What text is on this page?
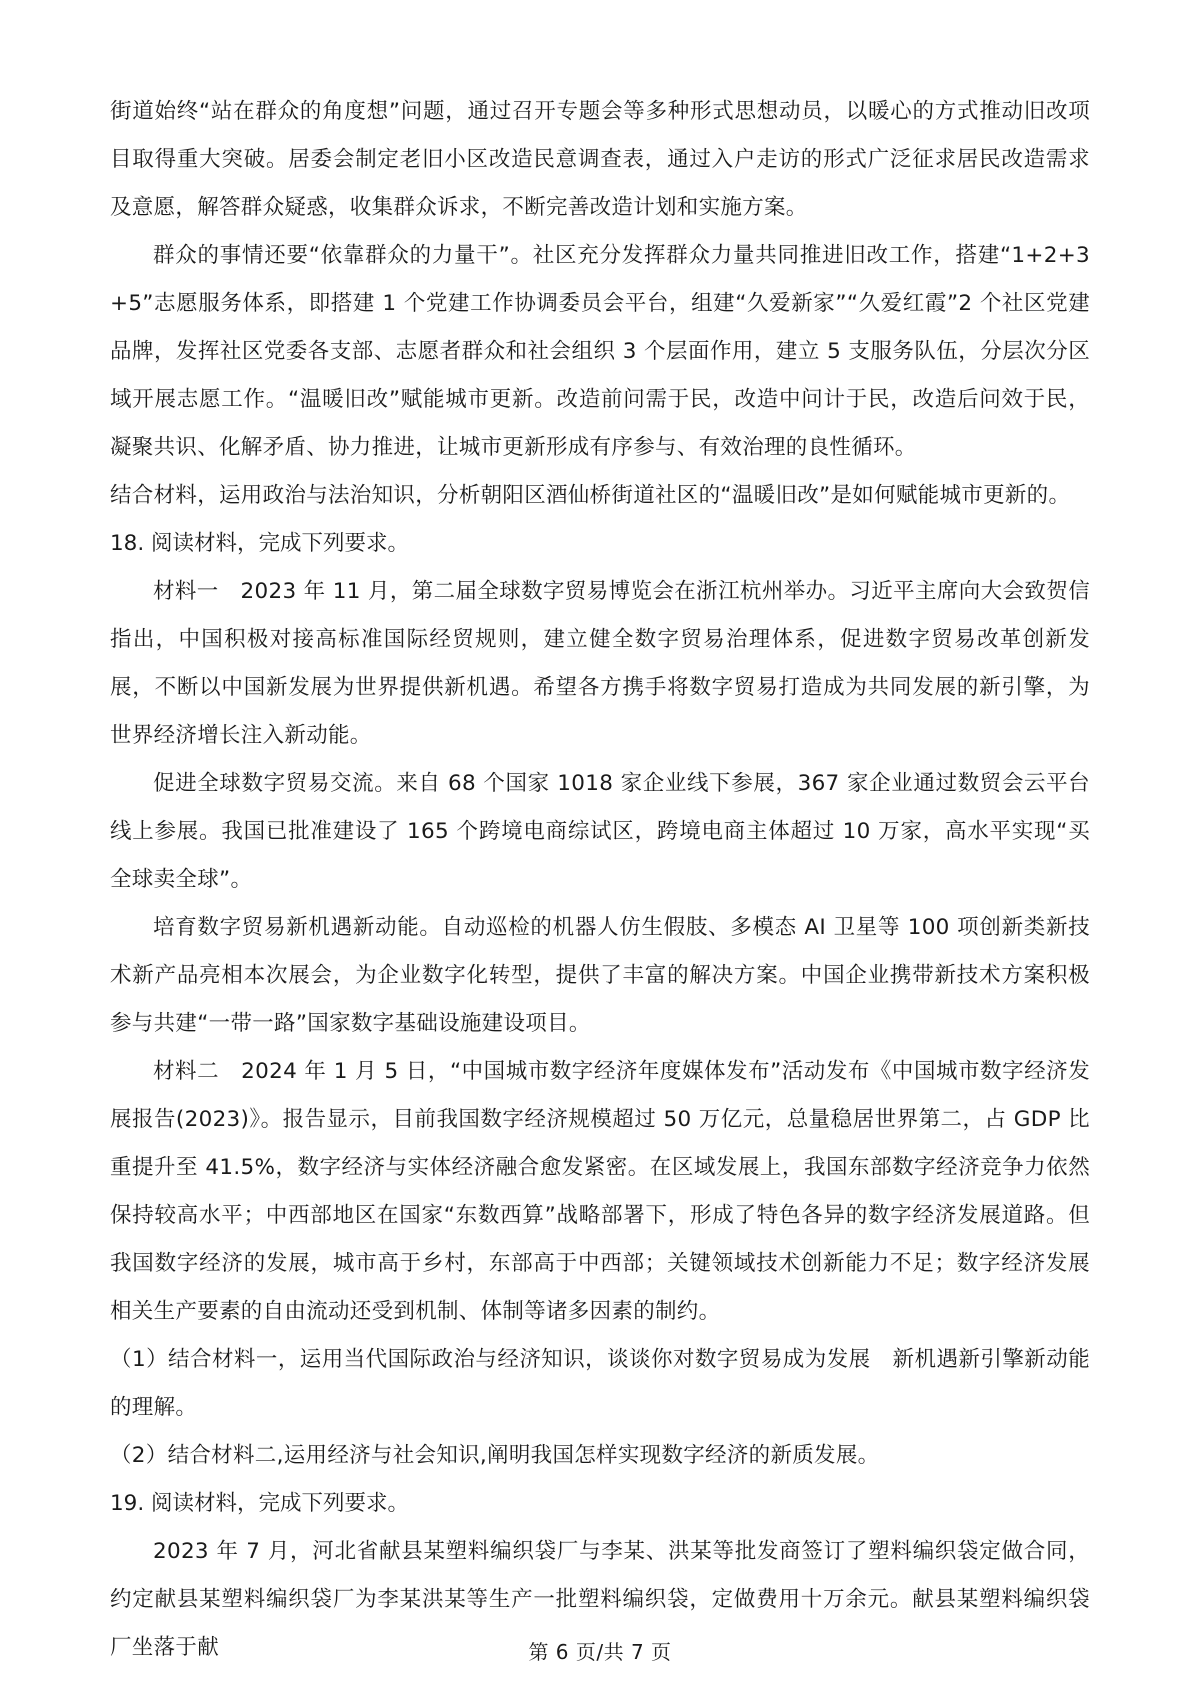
街道始终“站在群众的角度想”问题，通过召开专题会等多种形式思想动员，以暖心的方式推动旧改项目取得重大突破。居委会制定老旧小区改造民意调查表，通过入户走访的形式广泛征求居民改造需求及意愿，解答群众疑惑，收集群众诉求，不断完善改造计划和实施方案。

群众的事情还要“依靠群众的力量干”。社区充分发挥群众力量共同推进旧改工作，搭建“1+2+3+5”志愿服务体系，即搭建 1 个党建工作协调委员会平台，组建“久爱新家”“久爱红霞”2 个社区党建品牌，发挥社区党委各支部、志愿者群众和社会组织 3 个层面作用，建立 5 支服务队伍，分层次分区域开展志愿工作。“温暖旧改”赋能城市更新。改造前问需于民，改造中问计于民，改造后问效于民，凝聚共识、化解矛盾、协力推进，让城市更新形成有序参与、有效治理的良性循环。

结合材料，运用政治与法治知识，分析朝阳区酒仙桥街道社区的“温暖旧改”是如何赋能城市更新的。

18. 阅读材料，完成下列要求。

材料一　2023 年 11 月，第二届全球数字贸易博览会在浙江杭州举办。习近平主席向大会致贺信指出，中国积极对接高标准国际经贸规则，建立健全数字贸易治理体系，促进数字贸易改革创新发展，不断以中国新发展为世界提供新机遇。希望各方携手将数字贸易打造成为共同发展的新引擎，为世界经济增长注入新动能。

促进全球数字贸易交流。来自 68 个国家 1018 家企业线下参展，367 家企业通过数贸会云平台线上参展。我国已批准建设了 165 个跨境电商综试区，跨境电商主体超过 10 万家，高水平实现“买全球卖全球”。

培育数字贸易新机遇新动能。自动巡检的机器人仿生假肢、多模态 AI 卫星等 100 项创新类新技术新产品亮相本次展会，为企业数字化转型，提供了丰富的解决方案。中国企业携带新技术方案积极参与共建“一带一路”国家数字基础设施建设项目。

材料二　2024 年 1 月 5 日，“中国城市数字经济年度媒体发布”活动发布《中国城市数字经济发展报告(2023)》。报告显示，目前我国数字经济规模超过 50 万亿元，总量稳居世界第二，占 GDP 比重提升至 41.5%，数字经济与实体经济融合愈发紧密。在区域发展上，我国东部数字经济竞争力依然保持较高水平；中西部地区在国家“东数西算”战略部署下，形成了特色各异的数字经济发展道路。但我国数字经济的发展，城市高于乡村，东部高于中西部；关键领域技术创新能力不足；数字经济发展相关生产要素的自由流动还受到机制、体制等诸多因素的制约。

（1）结合材料一，运用当代国际政治与经济知识，谈谈你对数字贸易成为发展　新机遇新引擎新动能的理解。

（2）结合材料二,运用经济与社会知识,阐明我国怎样实现数字经济的新质发展。

19. 阅读材料，完成下列要求。

2023 年 7 月，河北省献县某塑料编织袋厂与李某、洪某等批发商签订了塑料编织袋定做合同，约定献县某塑料编织袋厂为李某洪某等生产一批塑料编织袋，定做费用十万余元。献县某塑料编织袋厂坐落于献	第 6 页/共 7 页
